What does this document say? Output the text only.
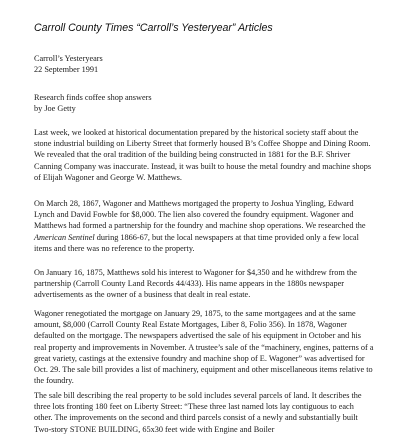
Carroll County Times “Carroll’s Yesteryear” Articles

Carroll’s Yesteryears

22 September 1991

Research finds coffee shop answers

by Joe Getty

Last week, we looked at historical documentation prepared by the historical society staff about the stone industrial building on Liberty Street that formerly housed B’s Coffee Shoppe and Dining Room. We revealed that the oral tradition of the building being constructed in 1881 for the B.F. Shriver Canning Company was inaccurate. Instead, it was built to house the metal foundry and machine shops of Elijah Wagoner and George W. Matthews.

On March 28, 1867, Wagoner and Matthews mortgaged the property to Joshua Yingling, Edward Lynch and David Fowble for $8,000. The lien also covered the foundry equipment. Wagoner and Matthews had formed a partnership for the foundry and machine shop operations. We researched the American Sentinel during 1866-67, but the local newspapers at that time provided only a few local items and there was no reference to the property.

On January 16, 1875, Matthews sold his interest to Wagoner for $4,350 and he withdrew from the partnership (Carroll County Land Records 44/433). His name appears in the 1880s newspaper advertisements as the owner of a business that dealt in real estate.

Wagoner renegotiated the mortgage on January 29, 1875, to the same mortgagees and at the same amount, $8,000 (Carroll County Real Estate Mortgages, Liber 8, Folio 356). In 1878, Wagoner defaulted on the mortgage. The newspapers advertised the sale of his equipment in October and his real property and improvements in November. A trustee’s sale of the “machinery, engines, patterns of a great variety, castings at the extensive foundry and machine shop of E. Wagoner” was advertised for Oct. 29. The sale bill provides a list of machinery, equipment and other miscellaneous items relative to the foundry.

The sale bill describing the real property to be sold includes several parcels of land. It describes the three lots fronting 180 feet on Liberty Street: “These three last named lots lay contiguous to each other. The improvements on the second and third parcels consist of a newly and substantially built Two-story STONE BUILDING, 65x30 feet wide with Engine and Boiler
